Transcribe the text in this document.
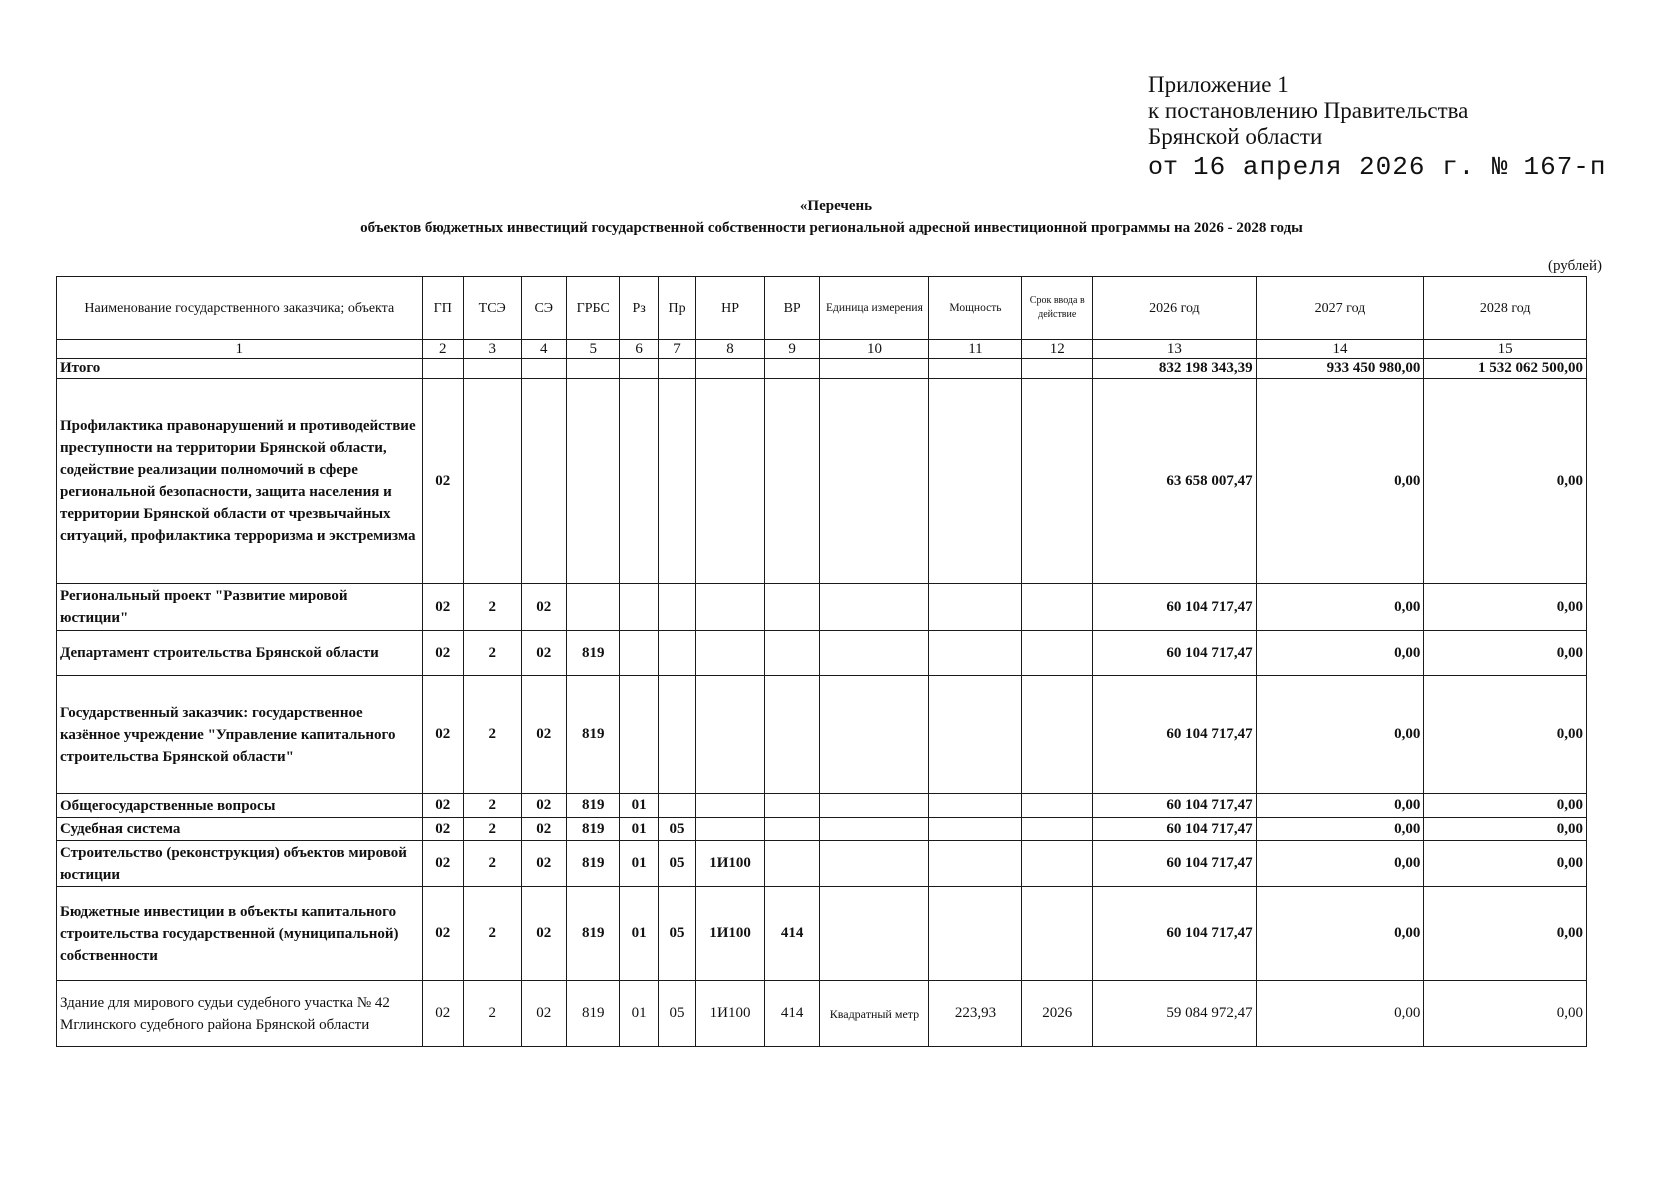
Приложение 1
к постановлению Правительства
Брянской области
от 16 апреля 2026 г. № 167-п
«Перечень
объектов бюджетных инвестиций государственной собственности региональной адресной инвестиционной программы на 2026 - 2028 годы
(рублей)
Наименование государственного заказчика; объекта	ГП	ТСЭ	СЭ	ГРБС	Рз	Пр	НР	ВР	Единица измерения	Мощность	Срок ввода в действие	2026 год	2027 год	2028 год
1	2	3	4	5	6	7	8	9	10	11	12	13	14	15
Итого												832 198 343,39	933 450 980,00	1 532 062 500,00
Профилактика правонарушений и противодействие преступности на территории Брянской области, содействие реализации полномочий в сфере региональной безопасности, защита населения и территории Брянской области от чрезвычайных ситуаций, профилактика терроризма и экстремизма	02											63 658 007,47	0,00	0,00
Региональный проект "Развитие мировой юстиции"	02	2	02									60 104 717,47	0,00	0,00
Департамент строительства Брянской области	02	2	02	819								60 104 717,47	0,00	0,00
Государственный заказчик: государственное казённое учреждение "Управление капитального строительства Брянской области"	02	2	02	819								60 104 717,47	0,00	0,00
Общегосударственные вопросы	02	2	02	819	01							60 104 717,47	0,00	0,00
Судебная система	02	2	02	819	01	05						60 104 717,47	0,00	0,00
Строительство (реконструкция) объектов мировой юстиции	02	2	02	819	01	05	1И100					60 104 717,47	0,00	0,00
Бюджетные инвестиции в объекты капитального строительства государственной (муниципальной) собственности	02	2	02	819	01	05	1И100	414				60 104 717,47	0,00	0,00
Здание для мирового судьи судебного участка № 42 Мглинского судебного района Брянской области	02	2	02	819	01	05	1И100	414	Квадратный метр	223,93	2026	59 084 972,47	0,00	0,00
